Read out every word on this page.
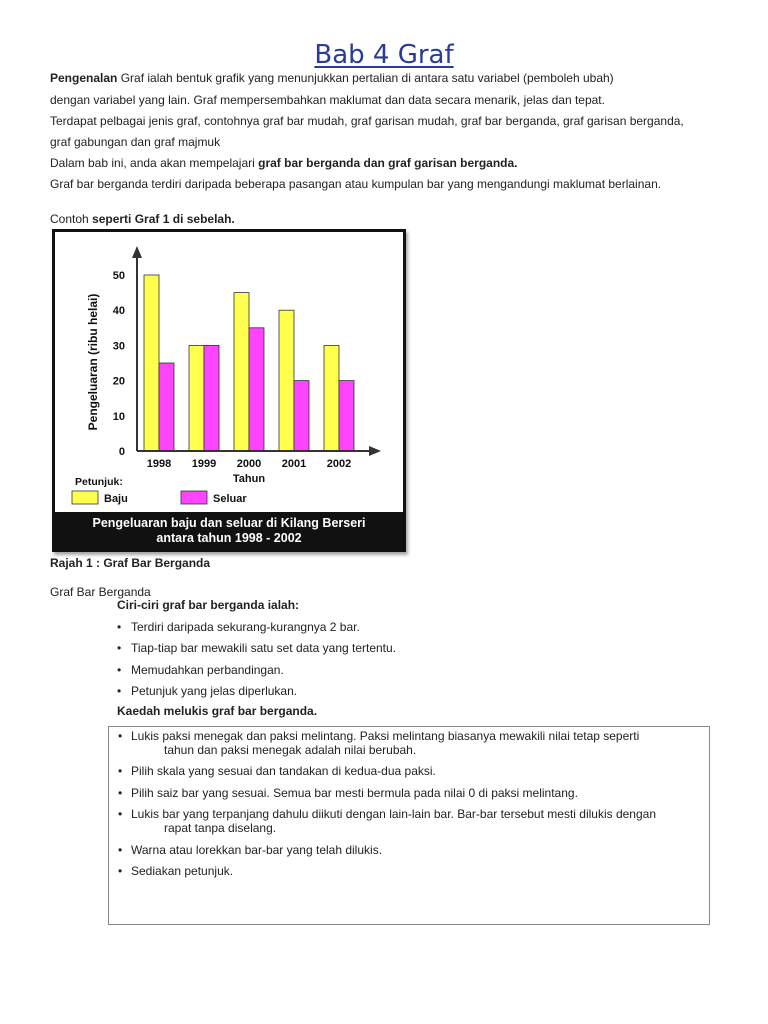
Bab 4 Graf
Pengenalan Graf ialah bentuk grafik yang menunjukkan pertalian di antara satu variabel (pemboleh ubah)
dengan variabel yang lain. Graf mempersembahkan maklumat dan data secara menarik, jelas dan tepat.
Terdapat pelbagai jenis graf, contohnya graf bar mudah, graf garisan mudah, graf bar berganda, graf garisan berganda,
graf gabungan dan graf majmuk
Dalam bab ini, anda akan mempelajari graf bar berganda dan graf garisan berganda.
Graf bar berganda terdiri daripada beberapa pasangan atau kumpulan bar yang mengandungi maklumat berlainan.
Contoh seperti Graf 1 di sebelah.
0
10
20
30
40
50
1998 1999 2000 2001 2002
Tahun
Pengeluaran (ribu helai)
Petunjuk:
Baju	Seluar
Pengeluaran baju dan seluar di Kilang Berseri
antara tahun 1998 - 2002
Rajah 1 : Graf Bar Berganda
Graf Bar Berganda
Ciri-ciri graf bar berganda ialah:
• Terdiri daripada sekurang-kurangnya 2 bar.
• Tiap-tiap bar mewakili satu set data yang tertentu.
• Memudahkan perbandingan.
• Petunjuk yang jelas diperlukan.
Kaedah melukis graf bar berganda.
• Lukis paksi menegak dan paksi melintang. Paksi melintang biasanya mewakili nilai tetap seperti
tahun dan paksi menegak adalah nilai berubah.
• Pilih skala yang sesuai dan tandakan di kedua-dua paksi.
• Pilih saiz bar yang sesuai. Semua bar mesti bermula pada nilai 0 di paksi melintang.
• Lukis bar yang terpanjang dahulu diikuti dengan lain-lain bar. Bar-bar tersebut mesti dilukis dengan
rapat tanpa diselang.
• Warna atau lorekkan bar-bar yang telah dilukis.
• Sediakan petunjuk.
